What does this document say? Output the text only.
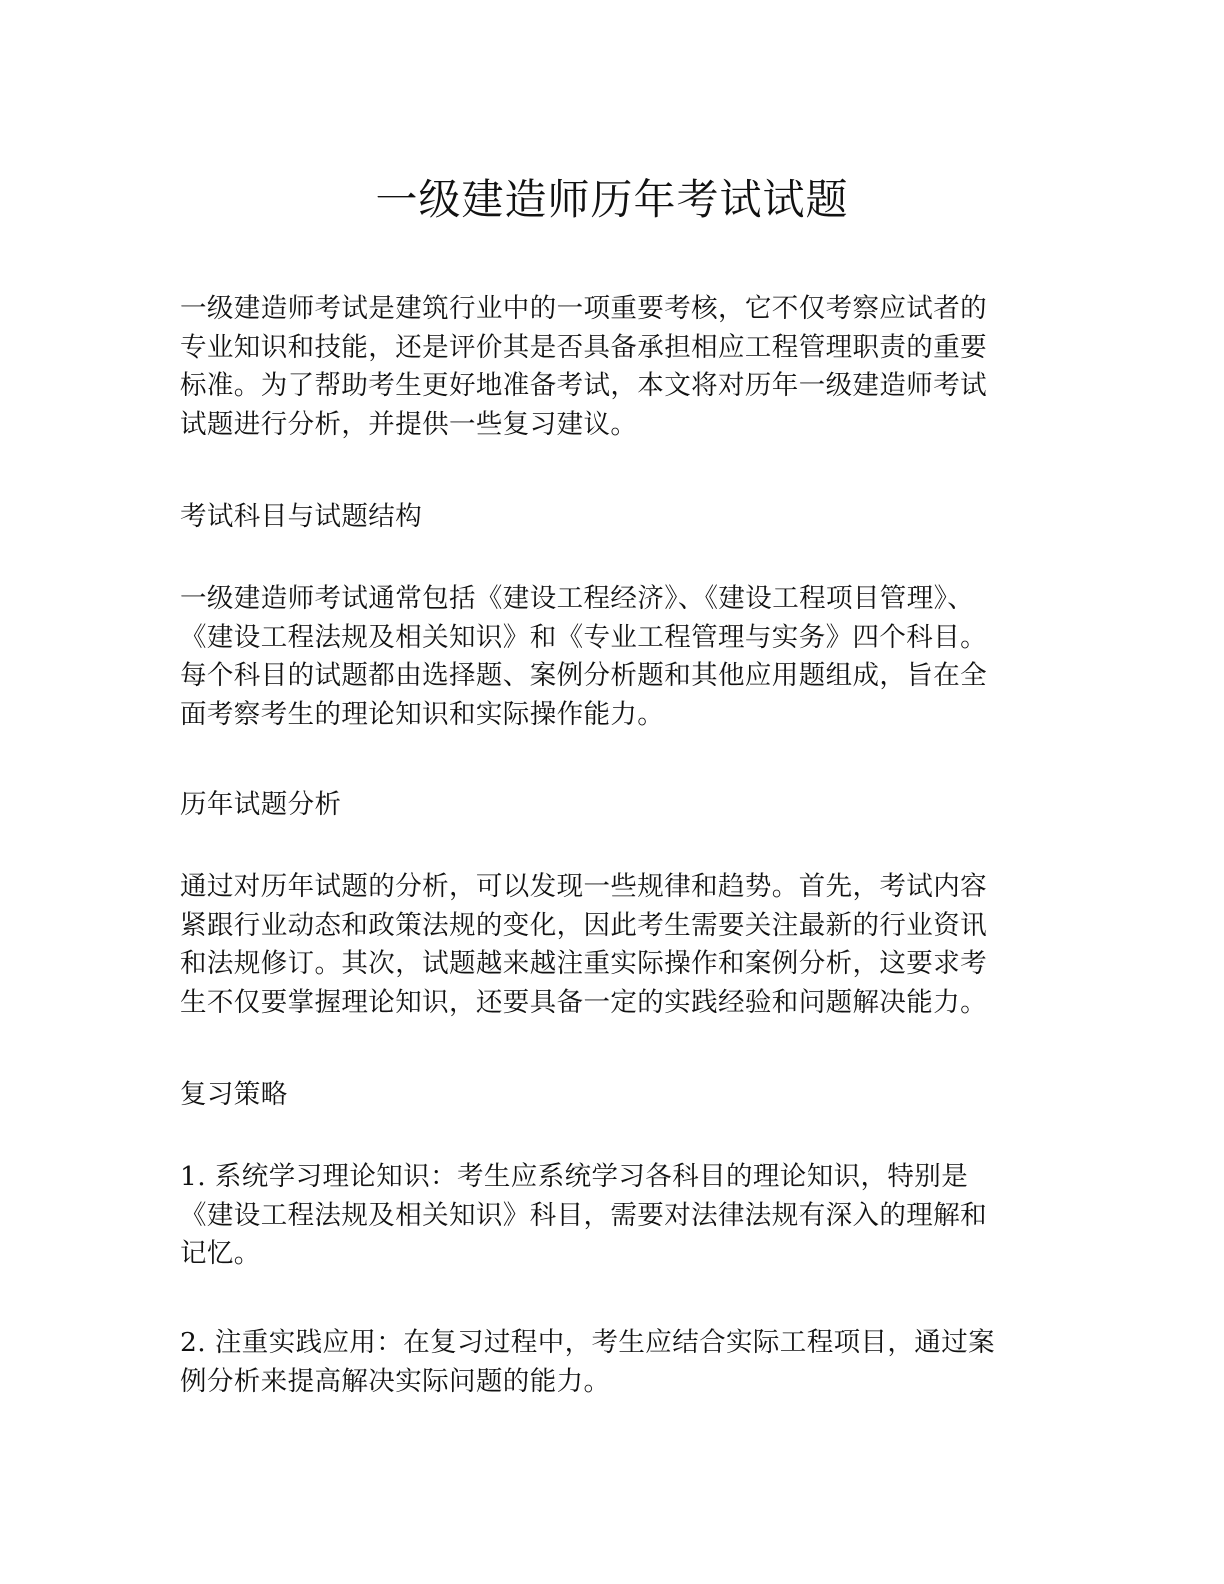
一级建造师历年考试试题

一级建造师考试是建筑行业中的一项重要考核，它不仅考察应试者的
专业知识和技能，还是评价其是否具备承担相应工程管理职责的重要
标准。为了帮助考生更好地准备考试，本文将对历年一级建造师考试
试题进行分析，并提供一些复习建议。

考试科目与试题结构

一级建造师考试通常包括《建设工程经济》、《建设工程项目管理》、
《建设工程法规及相关知识》和《专业工程管理与实务》四个科目。
每个科目的试题都由选择题、案例分析题和其他应用题组成，旨在全
面考察考生的理论知识和实际操作能力。

历年试题分析

通过对历年试题的分析，可以发现一些规律和趋势。首先，考试内容
紧跟行业动态和政策法规的变化，因此考生需要关注最新的行业资讯
和法规修订。其次，试题越来越注重实际操作和案例分析，这要求考
生不仅要掌握理论知识，还要具备一定的实践经验和问题解决能力。

复习策略

1. 系统学习理论知识：考生应系统学习各科目的理论知识，特别是
《建设工程法规及相关知识》科目，需要对法律法规有深入的理解和
记忆。

2. 注重实践应用：在复习过程中，考生应结合实际工程项目，通过案
例分析来提高解决实际问题的能力。
